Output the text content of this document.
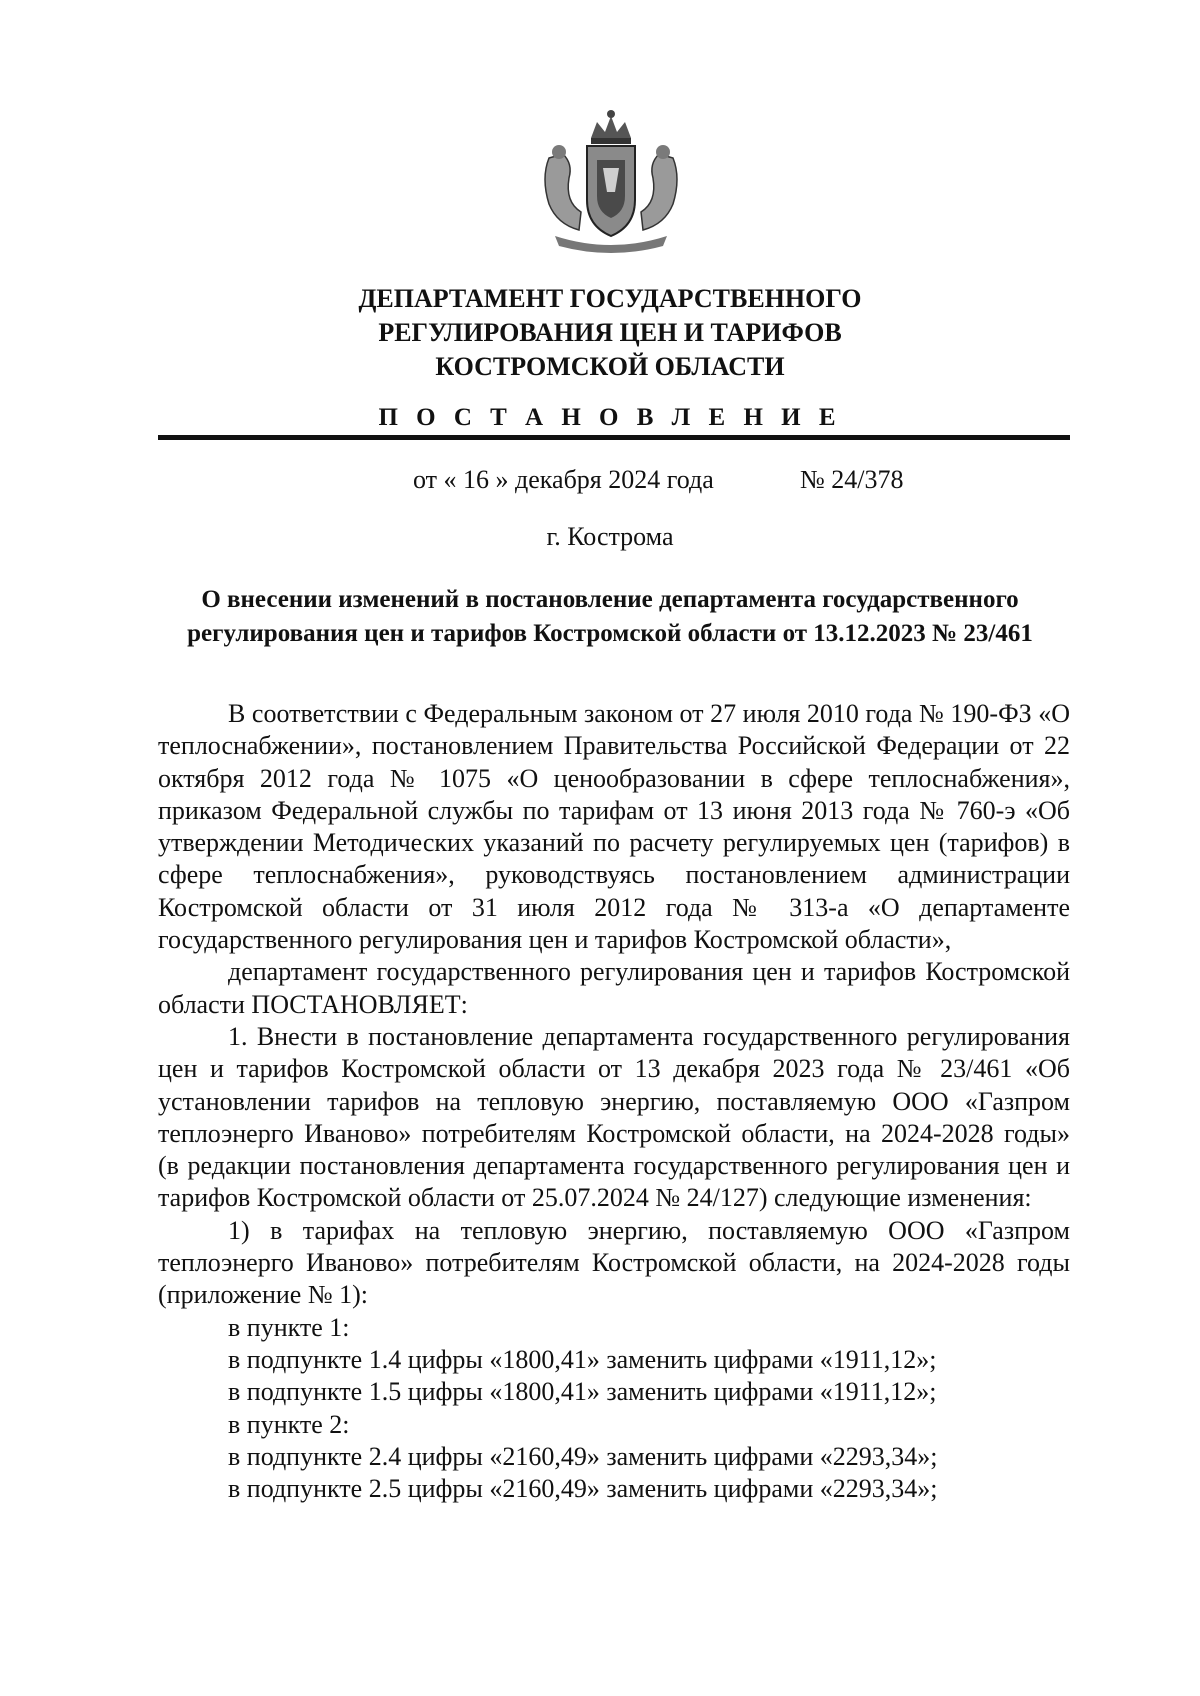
ДЕПАРТАМЕНТ ГОСУДАРСТВЕННОГО
РЕГУЛИРОВАНИЯ ЦЕН И ТАРИФОВ
КОСТРОМСКОЙ ОБЛАСТИ
П О С Т А Н О В Л Е Н И Е
от « 16 » декабря 2024 года	№ 24/378
г. Кострома
О внесении изменений в постановление департамента государственного
регулирования цен и тарифов Костромской области от 13.12.2023 № 23/461

В соответствии с Федеральным законом от 27 июля 2010 года № 190-ФЗ «О теплоснабжении», постановлением Правительства Российской Федерации от 22 октября 2012 года № 1075 «О ценообразовании в сфере теплоснабжения», приказом Федеральной службы по тарифам от 13 июня 2013 года № 760-э «Об утверждении Методических указаний по расчету регулируемых цен (тарифов) в сфере теплоснабжения», руководствуясь постановлением администрации Костромской области от 31 июля 2012 года № 313-а «О департаменте государственного регулирования цен и тарифов Костромской области»,

департамент государственного регулирования цен и тарифов Костромской области ПОСТАНОВЛЯЕТ:

1. Внести в постановление департамента государственного регулирования цен и тарифов Костромской области от 13 декабря 2023 года № 23/461 «Об установлении тарифов на тепловую энергию, поставляемую ООО «Газпром теплоэнерго Иваново» потребителям Костромской области, на 2024-2028 годы» (в редакции постановления департамента государственного регулирования цен и тарифов Костромской области от 25.07.2024 № 24/127) следующие изменения:

1) в тарифах на тепловую энергию, поставляемую ООО «Газпром теплоэнерго Иваново» потребителям Костромской области, на 2024-2028 годы (приложение № 1):

в пункте 1:

в подпункте 1.4 цифры «1800,41» заменить цифрами «1911,12»;

в подпункте 1.5 цифры «1800,41» заменить цифрами «1911,12»;

в пункте 2:

в подпункте 2.4 цифры «2160,49» заменить цифрами «2293,34»;

в подпункте 2.5 цифры «2160,49» заменить цифрами «2293,34»;
